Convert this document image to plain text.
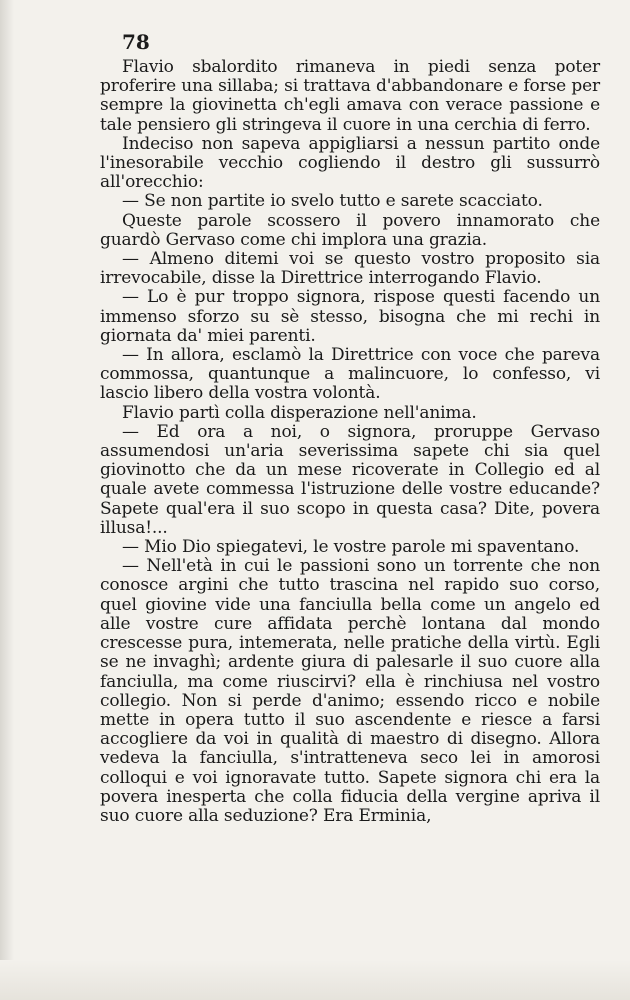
78

Flavio sbalordito rimaneva in piedi senza poter proferire una sillaba; si trattava d'abbandonare e forse per sempre la giovinetta ch'egli amava con verace passione e tale pensiero gli stringeva il cuore in una cerchia di ferro.

Indeciso non sapeva appigliarsi a nessun partito onde l'inesorabile vecchio cogliendo il destro gli sussurrò all'orecchio:

— Se non partite io svelo tutto e sarete scacciato.

Queste parole scossero il povero innamorato che guardò Gervaso come chi implora una grazia.

— Almeno ditemi voi se questo vostro proposito sia irrevocabile, disse la Direttrice interrogando Flavio.

— Lo è pur troppo signora, rispose questi facendo un immenso sforzo su sè stesso, bisogna che mi rechi in giornata da' miei parenti.

— In allora, esclamò la Direttrice con voce che pareva commossa, quantunque a malincuore, lo confesso, vi lascio libero della vostra volontà.

Flavio partì colla disperazione nell'anima.

— Ed ora a noi, o signora, proruppe Gervaso assumendosi un'aria severissima sapete chi sia quel giovinotto che da un mese ricoverate in Collegio ed al quale avete commessa l'istruzione delle vostre educande? Sapete qual'era il suo scopo in questa casa? Dite, povera illusa!...

— Mio Dio spiegatevi, le vostre parole mi spaventano.

— Nell'età in cui le passioni sono un torrente che non conosce argini che tutto trascina nel rapido suo corso, quel giovine vide una fanciulla bella come un angelo ed alle vostre cure affidata perchè lontana dal mondo crescesse pura, intemerata, nelle pratiche della virtù. Egli se ne invaghì; ardente giura di palesarle il suo cuore alla fanciulla, ma come riuscirvi? ella è rinchiusa nel vostro collegio. Non si perde d'animo; essendo ricco e nobile mette in opera tutto il suo ascendente e riesce a farsi accogliere da voi in qualità di maestro di disegno. Allora vedeva la fanciulla, s'intratteneva seco lei in amorosi colloqui e voi ignoravate tutto. Sapete signora chi era la povera inesperta che colla fiducia della vergine apriva il suo cuore alla seduzione? Era Erminia,
